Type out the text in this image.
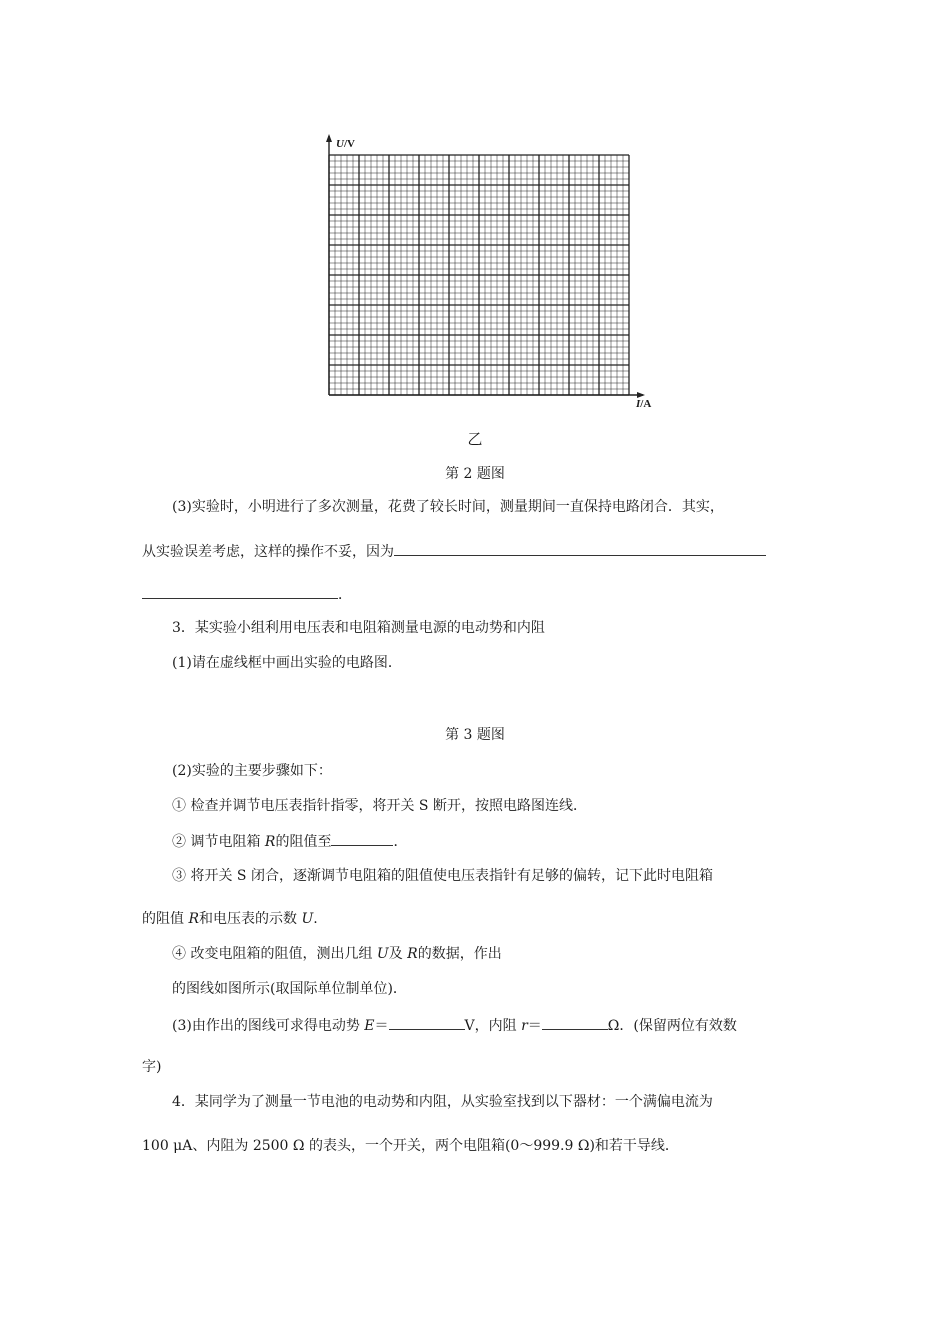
U/V
I/A
乙
第 2 题图
(3)实验时，小明进行了多次测量，花费了较长时间，测量期间一直保持电路闭合．其实，
从实验误差考虑，这样的操作不妥，因为
．
3．某实验小组利用电压表和电阻箱测量电源的电动势和内阻
(1)请在虚线框中画出实验的电路图．
第 3 题图
(2)实验的主要步骤如下：
① 检查并调节电压表指针指零，将开关 S 断开，按照电路图连线．
② 调节电阻箱 R的阻值至	．
③ 将开关 S 闭合，逐渐调节电阻箱的阻值使电压表指针有足够的偏转，记下此时电阻箱
的阻值 R和电压表的示数 U.
④ 改变电阻箱的阻值，测出几组 U及 R的数据，作出
的图线如图所示(取国际单位制单位)．
(3)由作出的图线可求得电动势 E＝	V，内阻 r＝	Ω．(保留两位有效数
字)
4．某同学为了测量一节电池的电动势和内阻，从实验室找到以下器材：一个满偏电流为
100 μA、内阻为 2500 Ω 的表头，一个开关，两个电阻箱(0～999.9 Ω)和若干导线．
